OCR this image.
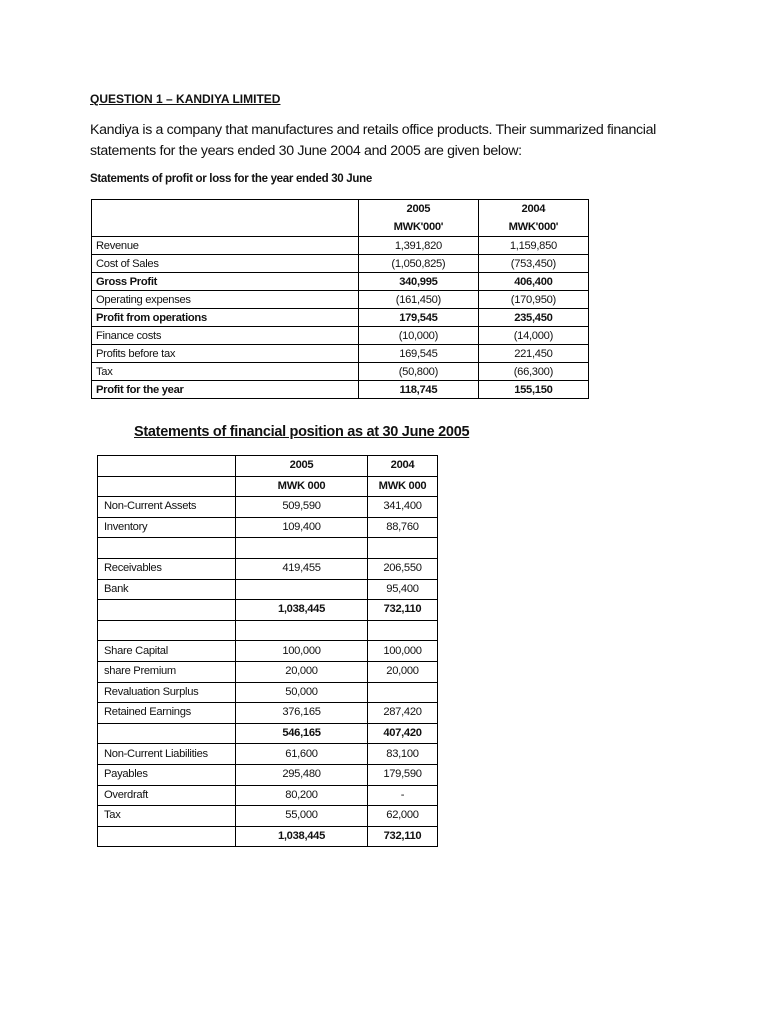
QUESTION 1 – KANDIYA LIMITED
Kandiya is a company that manufactures and retails office products. Their summarized financial statements for the years ended 30 June 2004 and 2005 are given below:
Statements of profit or loss for the year ended 30 June
	2005	2004
	MWK'000'	MWK'000'
Revenue	1,391,820	1,159,850
Cost of Sales	(1,050,825)	(753,450)
Gross Profit	340,995	406,400
Operating expenses	(161,450)	(170,950)
Profit from operations	179,545	235,450
Finance costs	(10,000)	(14,000)
Profits before tax	169,545	221,450
Tax	(50,800)	(66,300)
Profit for the year	118,745	155,150
Statements of financial position as at 30 June 2005
	2005	2004
	MWK 000	MWK 000
Non-Current Assets	509,590	341,400
Inventory	109,400	88,760

Receivables	419,455	206,550
Bank		95,400
	1,038,445	732,110

Share Capital	100,000	100,000
share Premium	20,000	20,000
Revaluation Surplus	50,000	
Retained Earnings	376,165	287,420
	546,165	407,420
Non-Current Liabilities	61,600	83,100
Payables	295,480	179,590
Overdraft	80,200	-
Tax	55,000	62,000
	1,038,445	732,110
